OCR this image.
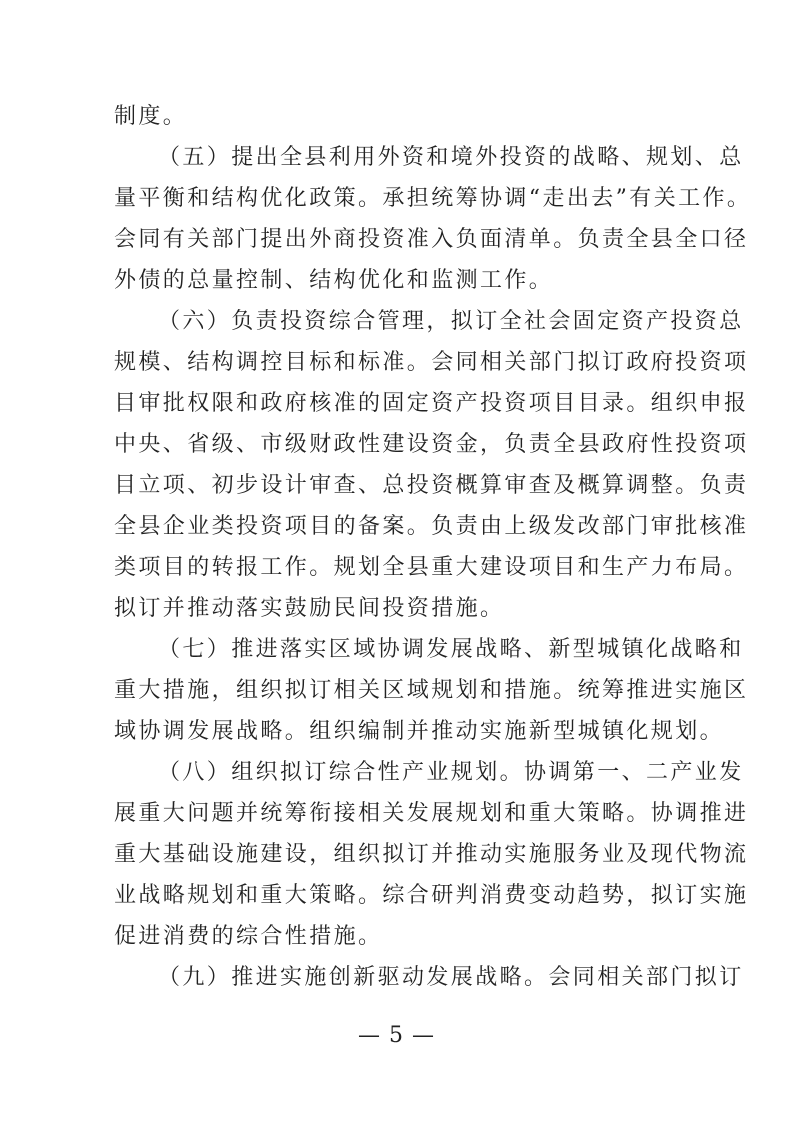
制度。
（五）提出全县利用外资和境外投资的战略、规划、总
量平衡和结构优化政策。承担统筹协调“走出去”有关工作。
会同有关部门提出外商投资准入负面清单。负责全县全口径
外债的总量控制、结构优化和监测工作。
（六）负责投资综合管理，拟订全社会固定资产投资总
规模、结构调控目标和标准。会同相关部门拟订政府投资项
目审批权限和政府核准的固定资产投资项目目录。组织申报
中央、省级、市级财政性建设资金，负责全县政府性投资项
目立项、初步设计审查、总投资概算审查及概算调整。负责
全县企业类投资项目的备案。负责由上级发改部门审批核准
类项目的转报工作。规划全县重大建设项目和生产力布局。
拟订并推动落实鼓励民间投资措施。
（七）推进落实区域协调发展战略、新型城镇化战略和
重大措施，组织拟订相关区域规划和措施。统筹推进实施区
域协调发展战略。组织编制并推动实施新型城镇化规划。
（八）组织拟订综合性产业规划。协调第一、二产业发
展重大问题并统筹衔接相关发展规划和重大策略。协调推进
重大基础设施建设，组织拟订并推动实施服务业及现代物流
业战略规划和重大策略。综合研判消费变动趋势，拟订实施
促进消费的综合性措施。
（九）推进实施创新驱动发展战略。会同相关部门拟订
— 5 —
